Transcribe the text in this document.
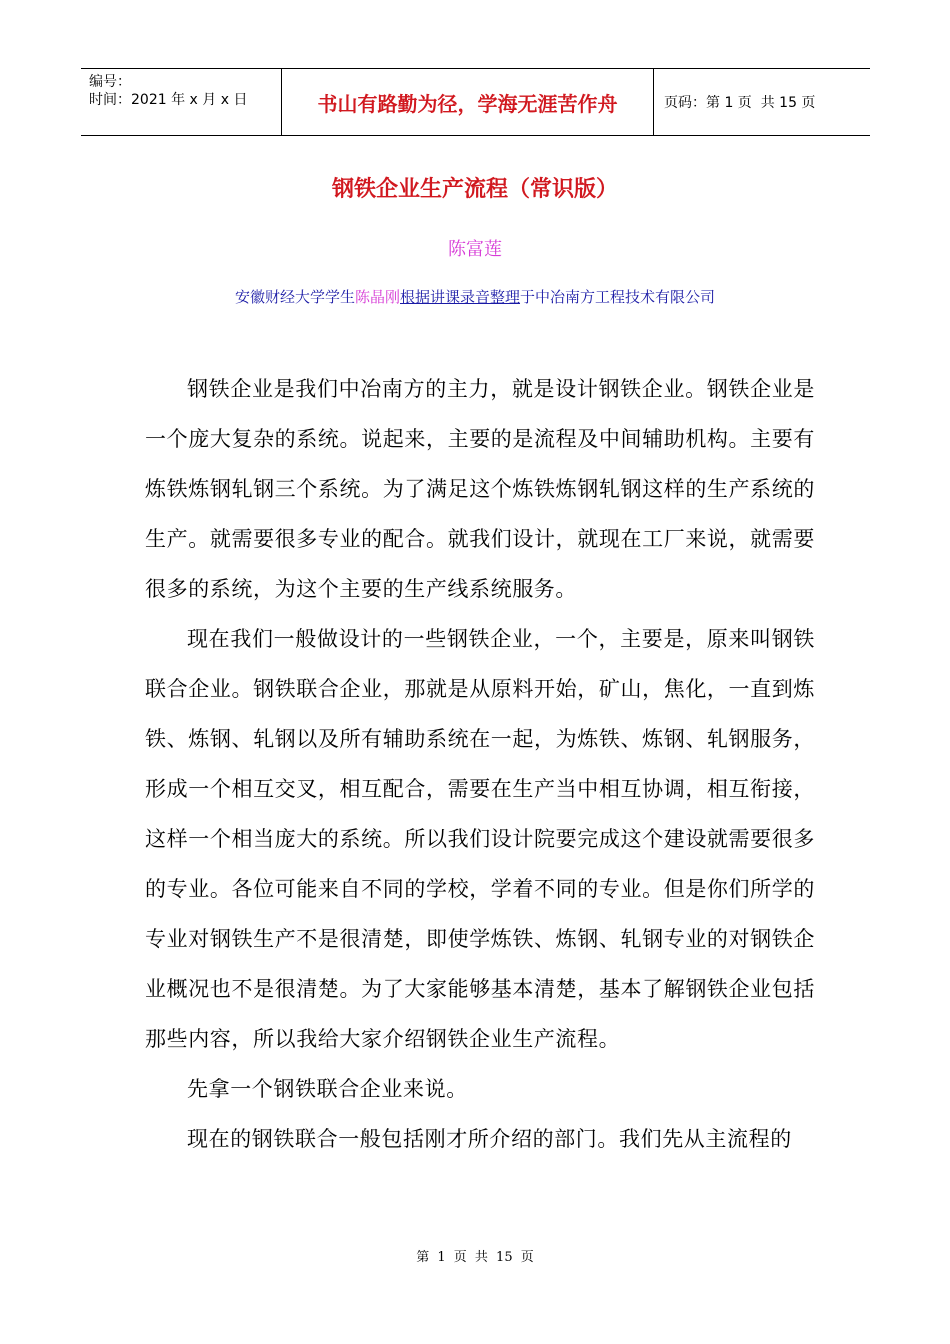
编号：
时间：2021 年 x 月 x 日	书山有路勤为径，学海无涯苦作舟	页码：第 1 页  共 15 页
钢铁企业生产流程（常识版）
陈富莲
安徽财经大学学生陈晶刚根据讲课录音整理于中冶南方工程技术有限公司

钢铁企业是我们中冶南方的主力，就是设计钢铁企业。钢铁企业是一个庞大复杂的系统。说起来，主要的是流程及中间辅助机构。主要有炼铁炼钢轧钢三个系统。为了满足这个炼铁炼钢轧钢这样的生产系统的生产。就需要很多专业的配合。就我们设计，就现在工厂来说，就需要很多的系统，为这个主要的生产线系统服务。

现在我们一般做设计的一些钢铁企业，一个，主要是，原来叫钢铁联合企业。钢铁联合企业，那就是从原料开始，矿山，焦化，一直到炼铁、炼钢、轧钢以及所有辅助系统在一起，为炼铁、炼钢、轧钢服务，形成一个相互交叉，相互配合，需要在生产当中相互协调，相互衔接，这样一个相当庞大的系统。所以我们设计院要完成这个建设就需要很多的专业。各位可能来自不同的学校，学着不同的专业。但是你们所学的专业对钢铁生产不是很清楚，即使学炼铁、炼钢、轧钢专业的对钢铁企业概况也不是很清楚。为了大家能够基本清楚，基本了解钢铁企业包括那些内容，所以我给大家介绍钢铁企业生产流程。

先拿一个钢铁联合企业来说。

现在的钢铁联合一般包括刚才所介绍的部门。我们先从主流程的

第 1 页 共 15 页
